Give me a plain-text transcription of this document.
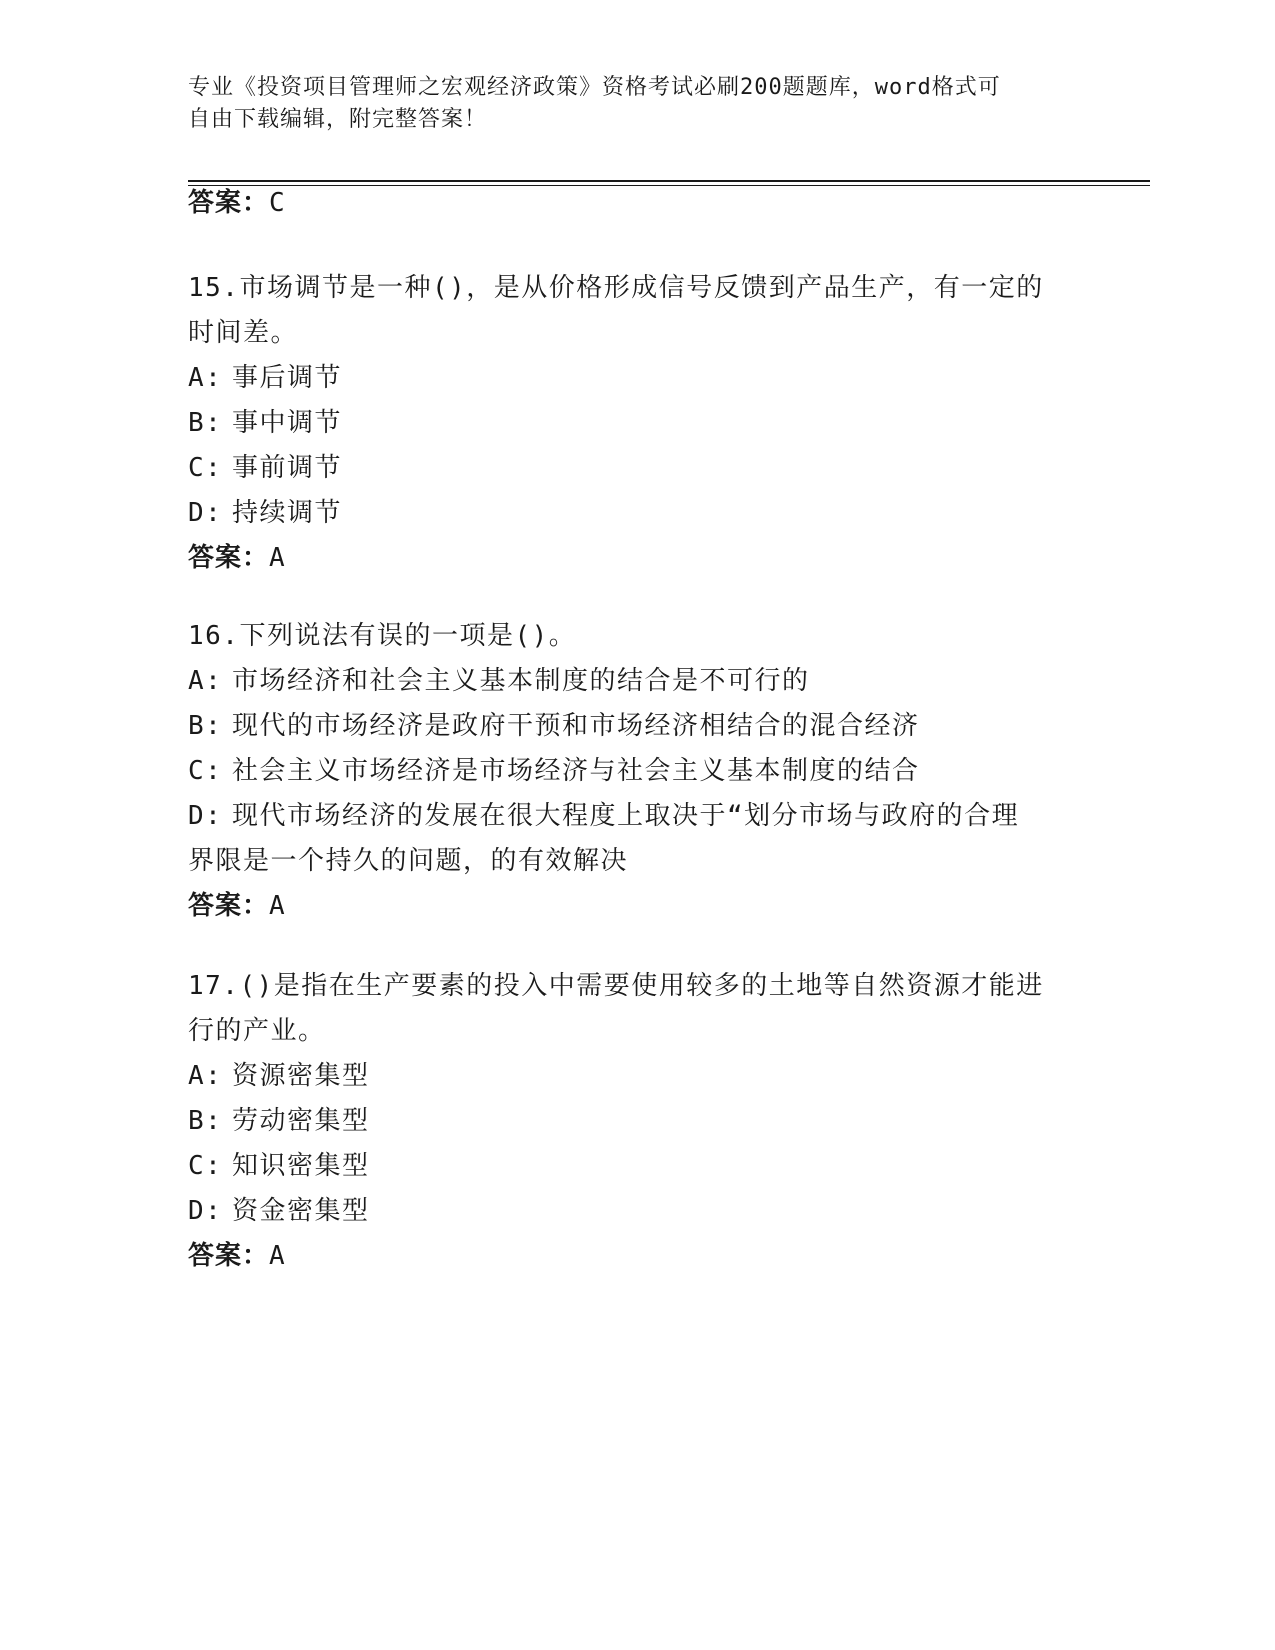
专业《投资项目管理师之宏观经济政策》资格考试必刷200题题库，word格式可
自由下载编辑，附完整答案！
答案：C

15.市场调节是一种()，是从价格形成信号反馈到产品生产，有一定的

时间差。

A: 事后调节

B: 事中调节

C: 事前调节

D: 持续调节

答案：A

16.下列说法有误的一项是()。

A: 市场经济和社会主义基本制度的结合是不可行的

B: 现代的市场经济是政府干预和市场经济相结合的混合经济

C: 社会主义市场经济是市场经济与社会主义基本制度的结合

D: 现代市场经济的发展在很大程度上取决于“划分市场与政府的合理

界限是一个持久的问题，的有效解决

答案：A

17.()是指在生产要素的投入中需要使用较多的土地等自然资源才能进

行的产业。

A: 资源密集型

B: 劳动密集型

C: 知识密集型

D: 资金密集型

答案：A
